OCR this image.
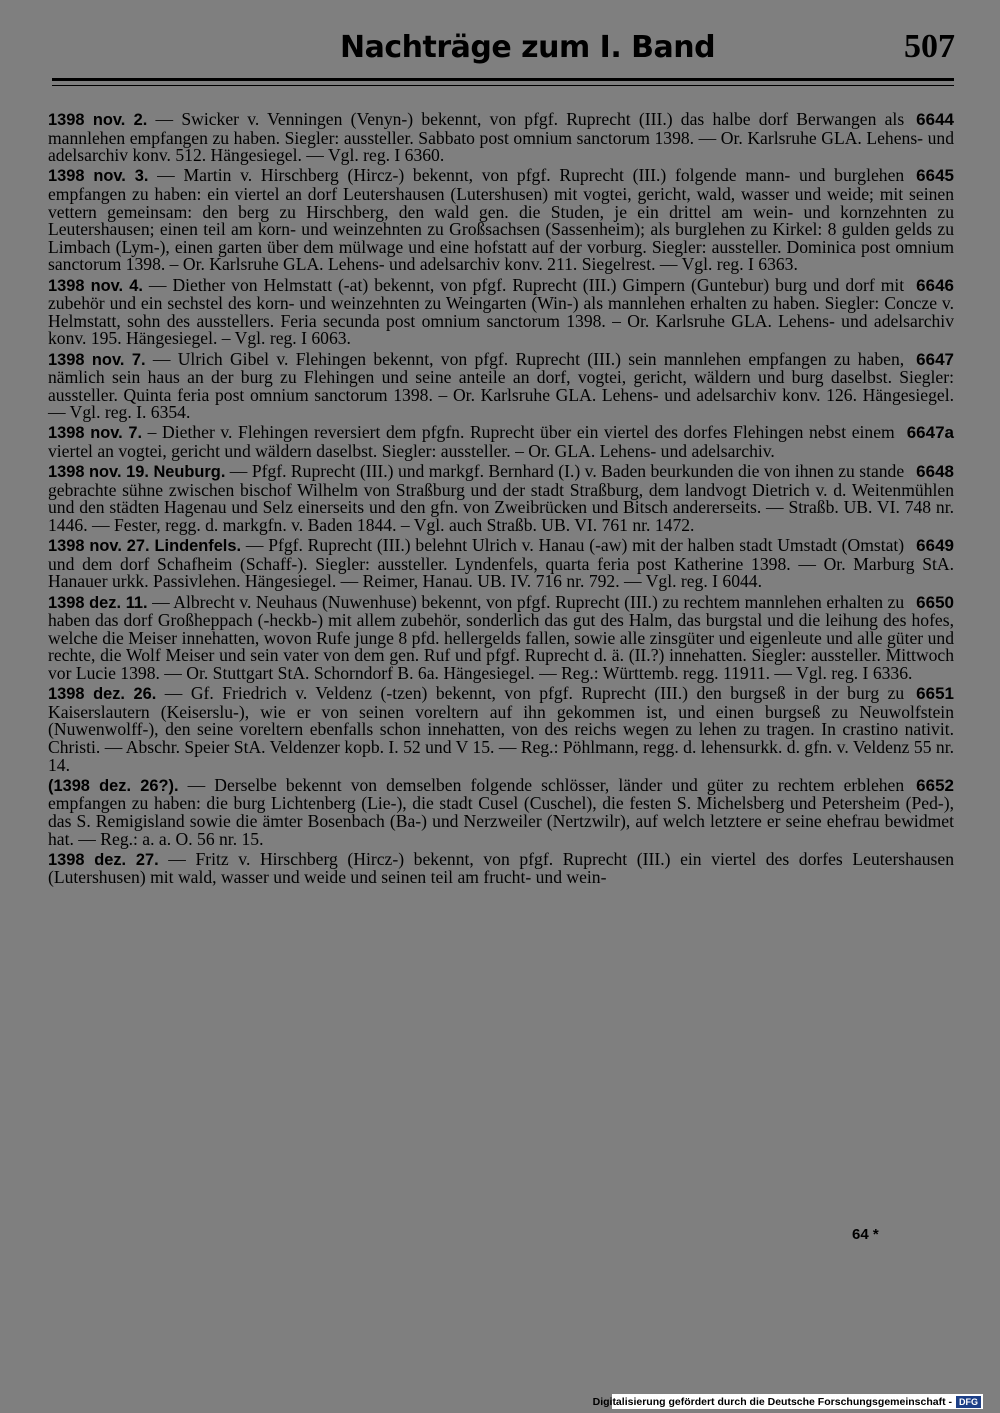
Nachträge zum I. Band	507
6644
1398 nov. 2. — Swicker v. Venningen (Venyn-) bekennt, von pfgf. Ruprecht (III.) das halbe dorf Berwangen als mannlehen empfangen zu haben. Siegler: aussteller. Sabbato post omnium sanctorum 1398. — Or. Karlsruhe GLA. Lehens- und adelsarchiv konv. 512. Hängesiegel. — Vgl. reg. I 6360.
6645
1398 nov. 3. — Martin v. Hirschberg (Hircz-) bekennt, von pfgf. Ruprecht (III.) folgende mann- und burglehen empfangen zu haben: ein viertel an dorf Leutershausen (Lutershusen) mit vogtei, gericht, wald, wasser und weide; mit seinen vettern gemeinsam: den berg zu Hirschberg, den wald gen. die Studen, je ein drittel am wein- und kornzehnten zu Leutershausen; einen teil am korn- und weinzehnten zu Großsachsen (Sassenheim); als burglehen zu Kirkel: 8 gulden gelds zu Limbach (Lym-), einen garten über dem mülwage und eine hofstatt auf der vorburg. Siegler: aussteller. Dominica post omnium sanctorum 1398. – Or. Karlsruhe GLA. Lehens- und adelsarchiv konv. 211. Siegelrest. — Vgl. reg. I 6363.
6646
1398 nov. 4. — Diether von Helmstatt (-at) bekennt, von pfgf. Ruprecht (III.) Gimpern (Guntebur) burg und dorf mit zubehör und ein sechstel des korn- und weinzehnten zu Weingarten (Win-) als mannlehen erhalten zu haben. Siegler: Concze v. Helmstatt, sohn des ausstellers. Feria secunda post omnium sanctorum 1398. – Or. Karlsruhe GLA. Lehens- und adelsarchiv konv. 195. Hängesiegel. – Vgl. reg. I 6063.
6647
1398 nov. 7. — Ulrich Gibel v. Flehingen bekennt, von pfgf. Ruprecht (III.) sein mannlehen empfangen zu haben, nämlich sein haus an der burg zu Flehingen und seine anteile an dorf, vogtei, gericht, wäldern und burg daselbst. Siegler: aussteller. Quinta feria post omnium sanctorum 1398. – Or. Karlsruhe GLA. Lehens- und adelsarchiv konv. 126. Hängesiegel. — Vgl. reg. I. 6354.
6647a
1398 nov. 7. – Diether v. Flehingen reversiert dem pfgfn. Ruprecht über ein viertel des dorfes Flehingen nebst einem viertel an vogtei, gericht und wäldern daselbst. Siegler: aussteller. – Or. GLA. Lehens- und adelsarchiv.
6648
1398 nov. 19. Neuburg. — Pfgf. Ruprecht (III.) und markgf. Bernhard (I.) v. Baden beurkunden die von ihnen zu stande gebrachte sühne zwischen bischof Wilhelm von Straßburg und der stadt Straßburg, dem landvogt Dietrich v. d. Weitenmühlen und den städten Hagenau und Selz einerseits und den gfn. von Zweibrücken und Bitsch andererseits. — Straßb. UB. VI. 748 nr. 1446. — Fester, regg. d. markgfn. v. Baden 1844. – Vgl. auch Straßb. UB. VI. 761 nr. 1472.
6649
1398 nov. 27. Lindenfels. — Pfgf. Ruprecht (III.) belehnt Ulrich v. Hanau (-aw) mit der halben stadt Umstadt (Omstat) und dem dorf Schafheim (Schaff-). Siegler: aussteller. Lyndenfels, quarta feria post Katherine 1398. — Or. Marburg StA. Hanauer urkk. Passivlehen. Hängesiegel. — Reimer, Hanau. UB. IV. 716 nr. 792. — Vgl. reg. I 6044.
6650
1398 dez. 11. — Albrecht v. Neuhaus (Nuwenhuse) bekennt, von pfgf. Ruprecht (III.) zu rechtem mannlehen erhalten zu haben das dorf Großheppach (-heckb-) mit allem zubehör, sonderlich das gut des Halm, das burgstal und die leihung des hofes, welche die Meiser innehatten, wovon Rufe junge 8 pfd. hellergelds fallen, sowie alle zinsgüter und eigenleute und alle güter und rechte, die Wolf Meiser und sein vater von dem gen. Ruf und pfgf. Ruprecht d. ä. (II.?) innehatten. Siegler: aussteller. Mittwoch vor Lucie 1398. — Or. Stuttgart StA. Schorndorf B. 6a. Hängesiegel. — Reg.: Württemb. regg. 11911. — Vgl. reg. I 6336.
6651
1398 dez. 26. — Gf. Friedrich v. Veldenz (-tzen) bekennt, von pfgf. Ruprecht (III.) den burgseß in der burg zu Kaiserslautern (Keiserslu-), wie er von seinen voreltern auf ihn gekommen ist, und einen burgseß zu Neuwolfstein (Nuwenwolff-), den seine voreltern ebenfalls schon innehatten, von des reichs wegen zu lehen zu tragen. In crastino nativit. Christi. — Abschr. Speier StA. Veldenzer kopb. I. 52 und V 15. — Reg.: Pöhlmann, regg. d. lehensurkk. d. gfn. v. Veldenz 55 nr. 14.
6652
(1398 dez. 26?). — Derselbe bekennt von demselben folgende schlösser, länder und güter zu rechtem erblehen empfangen zu haben: die burg Lichtenberg (Lie-), die stadt Cusel (Cuschel), die festen S. Michelsberg und Petersheim (Ped-), das S. Remigisland sowie die ämter Bosenbach (Ba-) und Nerzweiler (Nertzwilr), auf welch letztere er seine ehefrau bewidmet hat. — Reg.: a. a. O. 56 nr. 15.
1398 dez. 27. — Fritz v. Hirschberg (Hircz-) bekennt, von pfgf. Ruprecht (III.) ein viertel des dorfes Leutershausen (Lutershusen) mit wald, wasser und weide und seinen teil am frucht- und wein-
64 *
Digitalisierung gefördert durch die Deutsche Forschungsgemeinschaft - DFG
